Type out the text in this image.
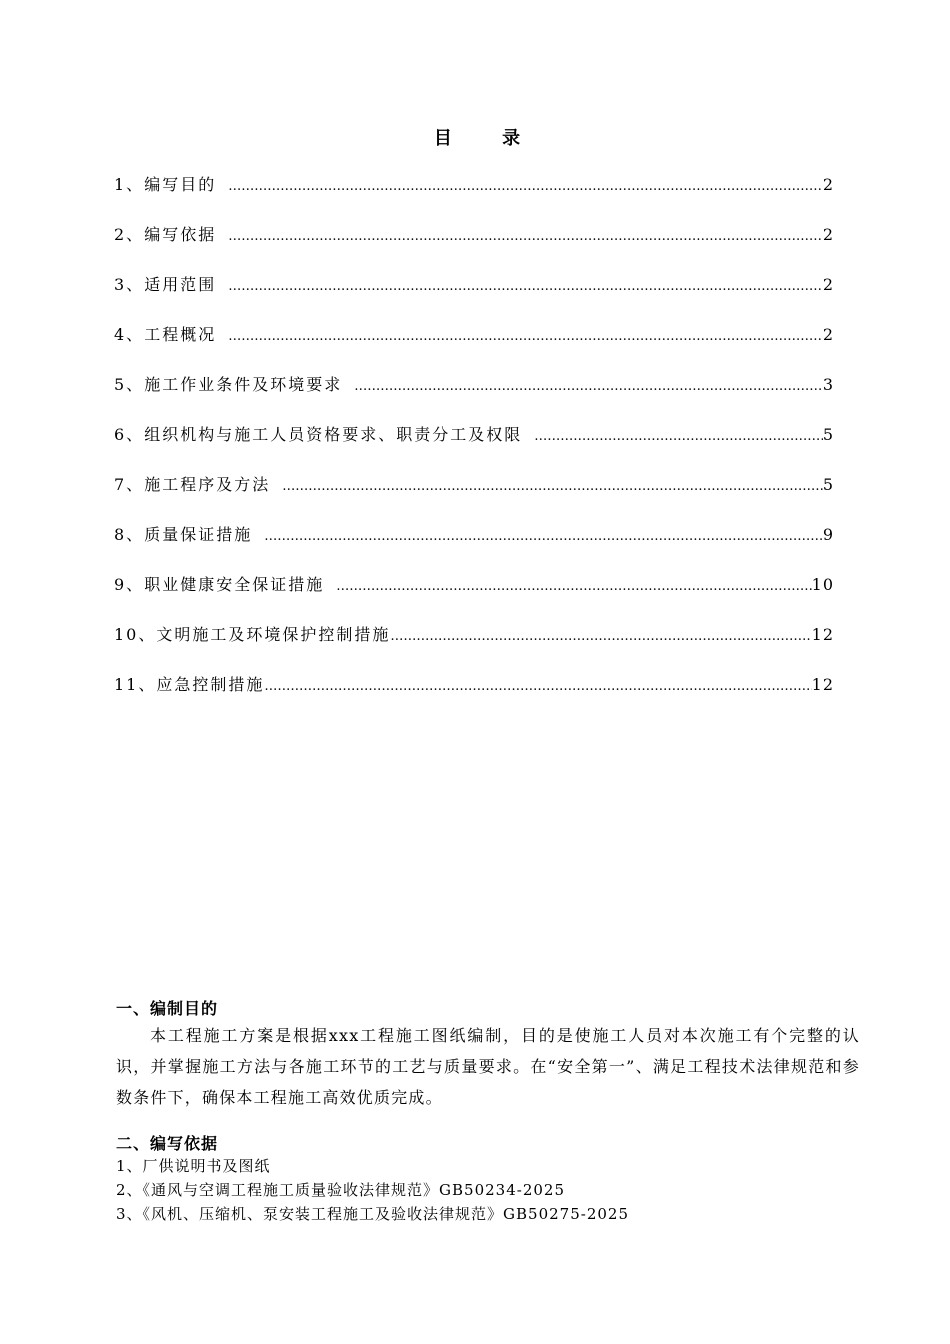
目 录
1、 编写目的 ……………………………………………………………………………………………………………………………………………………………………………………………………………………	2
2、 编写依据 ……………………………………………………………………………………………………………………………………………………………………………………………………………………	2
3、 适用范围 ……………………………………………………………………………………………………………………………………………………………………………………………………………………	2
4、 工程概况 ……………………………………………………………………………………………………………………………………………………………………………………………………………………	2
5、 施工作业条件及环境要求 ……………………………………………………………………………………………………………………………………………………………………………………………………………………	3
6、 组织机构与施工人员资格要求、职责分工及权限 ……………………………………………………………………………………………………………………………………………………………………………………………………………………	5
7、 施工程序及方法 ……………………………………………………………………………………………………………………………………………………………………………………………………………………	5
8、 质量保证措施 ……………………………………………………………………………………………………………………………………………………………………………………………………………………	9
9、 职业健康安全保证措施 ……………………………………………………………………………………………………………………………………………………………………………………………………………………	10
10、 文明施工及环境保护控制措施 ……………………………………………………………………………………………………………………………………………………………………………………………………………………	12
11、 应急控制措施 ……………………………………………………………………………………………………………………………………………………………………………………………………………………	12
一、编制目的

本工程施工方案是根据xxx工程施工图纸编制，目的是使施工人员对本次施工有个完整的认识，并掌握施工方法与各施工环节的工艺与质量要求。在“安全第一”、满足工程技术法律规范和参数条件下，确保本工程施工高效优质完成。

二、编写依据
1、厂供说明书及图纸
2、《通风与空调工程施工质量验收法律规范》GB50234-2025
3、《风机、压缩机、泵安装工程施工及验收法律规范》GB50275-2025
